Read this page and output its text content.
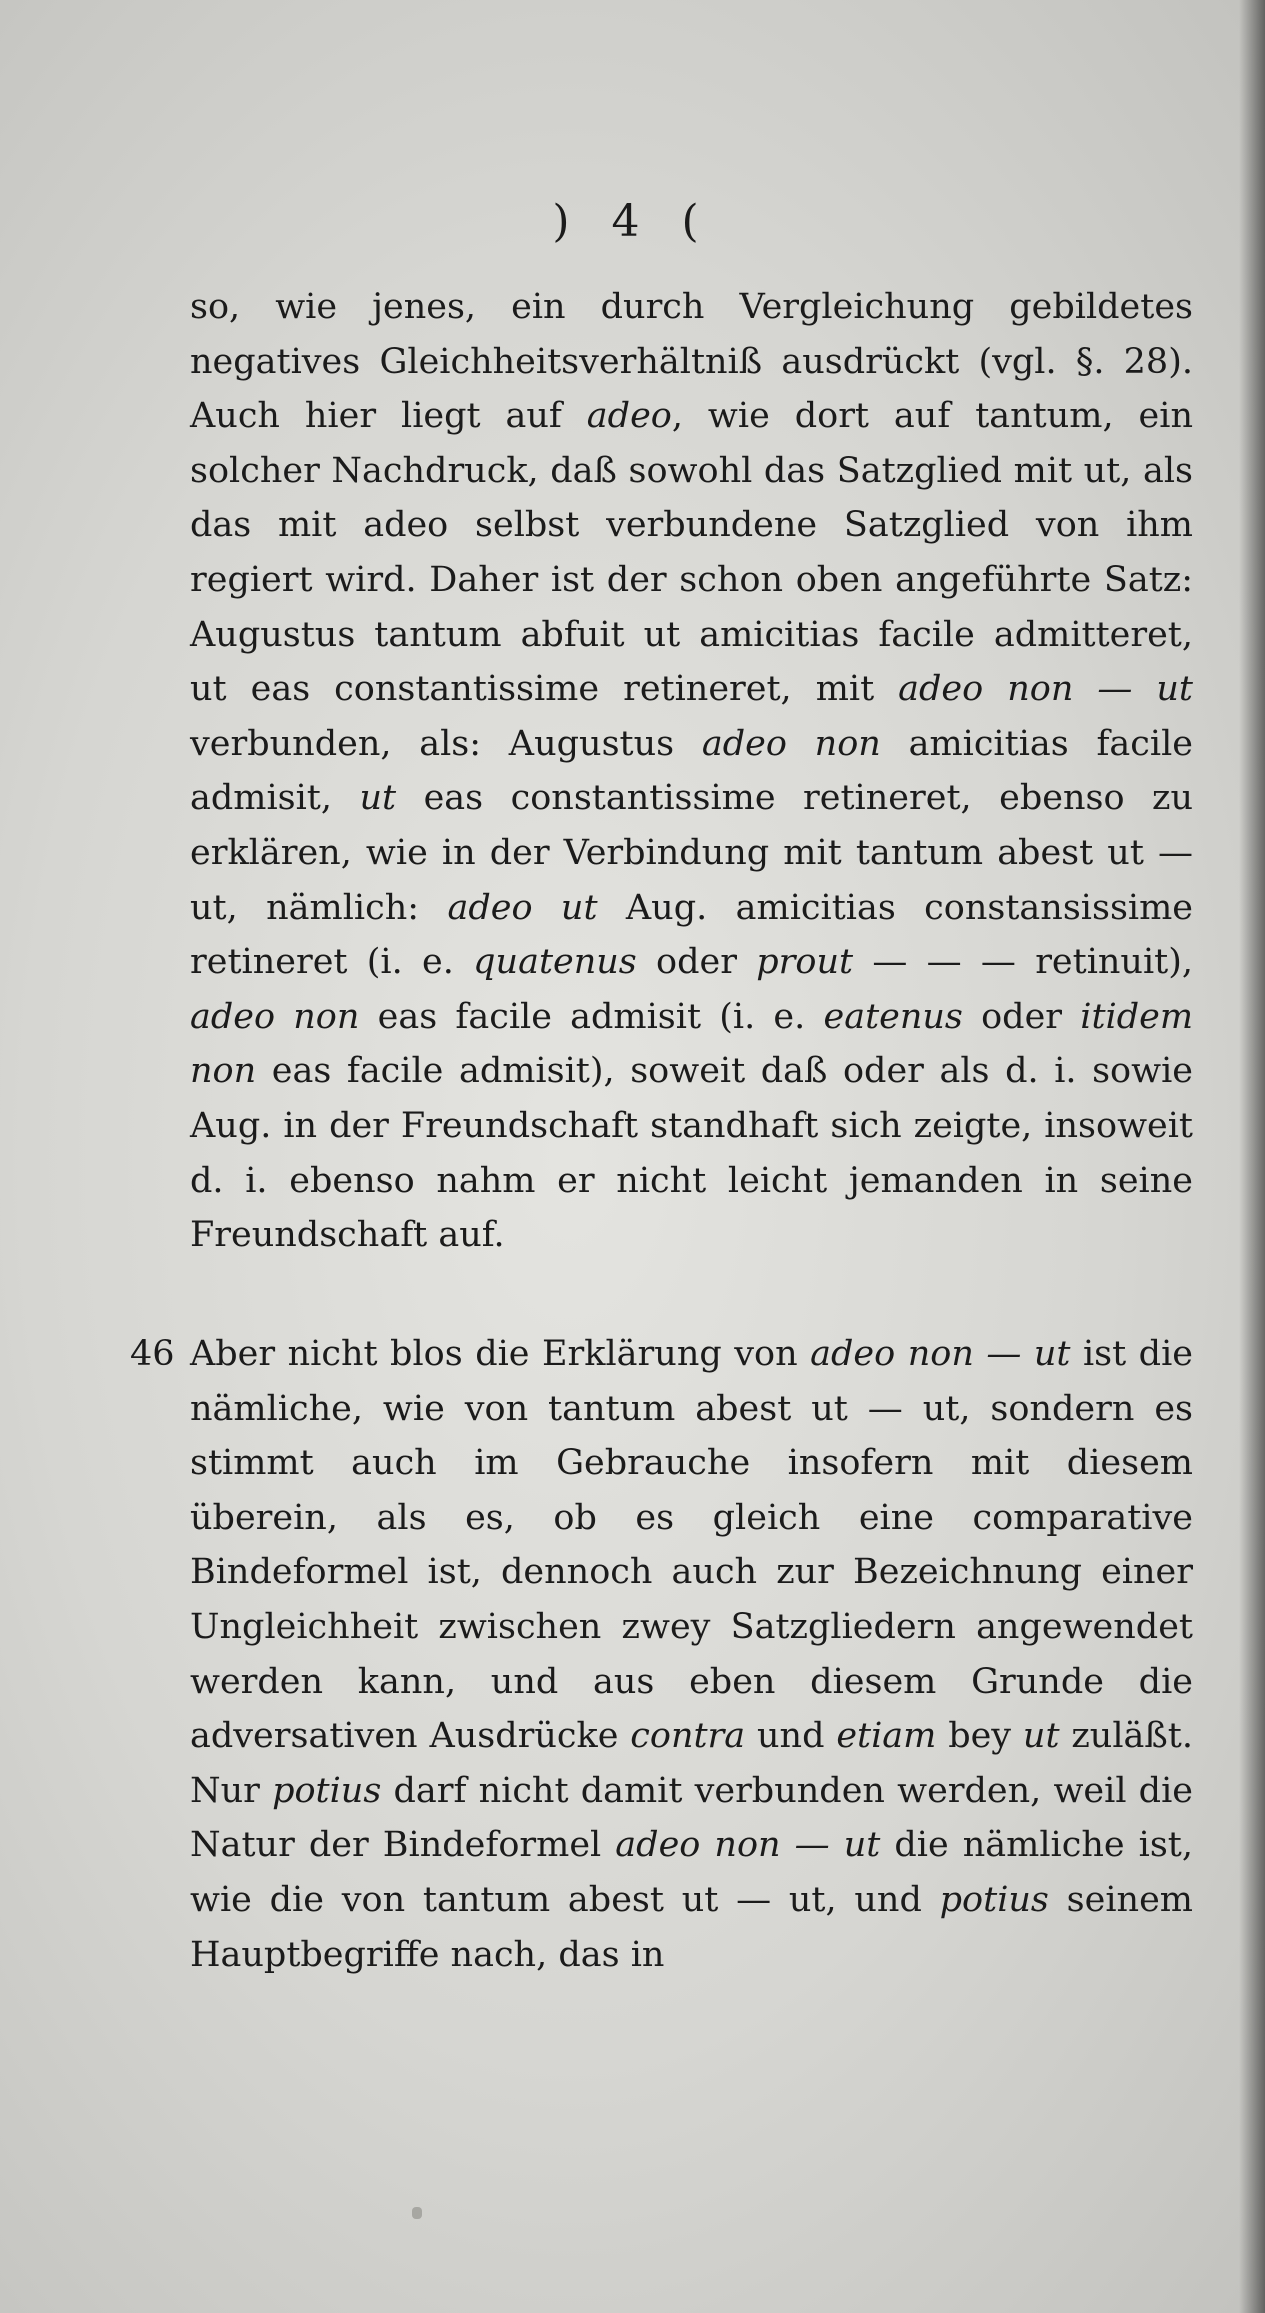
) 4 (
so, wie jenes, ein durch Vergleichung gebildetes negatives Gleichheitsverhältniß ausdrückt (vgl. §. 28). Auch hier liegt auf adeo, wie dort auf tantum, ein solcher Nachdruck, daß sowohl das Satzglied mit ut, als das mit adeo selbst verbundene Satzglied von ihm regiert wird. Daher ist der schon oben angeführte Satz: Augustus tantum abfuit ut amicitias facile admitteret, ut eas constantissime retineret, mit adeo non — ut verbunden, als: Augustus adeo non amicitias facile admisit, ut eas constantissime retineret, ebenso zu erklären, wie in der Verbindung mit tantum abest ut — ut, nämlich: adeo ut Aug. amicitias constansissime retineret (i. e. quatenus oder prout — — — retinuit), adeo non eas facile admisit (i. e. eatenus oder itidem non eas facile admisit), soweit daß oder als d. i. sowie Aug. in der Freundschaft standhaft sich zeigte, insoweit d. i. ebenso nahm er nicht leicht jemanden in seine Freundschaft auf.
46 Aber nicht blos die Erklärung von adeo non — ut ist die nämliche, wie von tantum abest ut — ut, sondern es stimmt auch im Gebrauche insofern mit diesem überein, als es, ob es gleich eine comparative Bindeformel ist, dennoch auch zur Bezeichnung einer Ungleichheit zwischen zwey Satzgliedern angewendet werden kann, und aus eben diesem Grunde die adversativen Ausdrücke contra und etiam bey ut zuläßt. Nur potius darf nicht damit verbunden werden, weil die Natur der Bindeformel adeo non — ut die nämliche ist, wie die von tantum abest ut — ut, und potius seinem Hauptbegriffe nach, das in
